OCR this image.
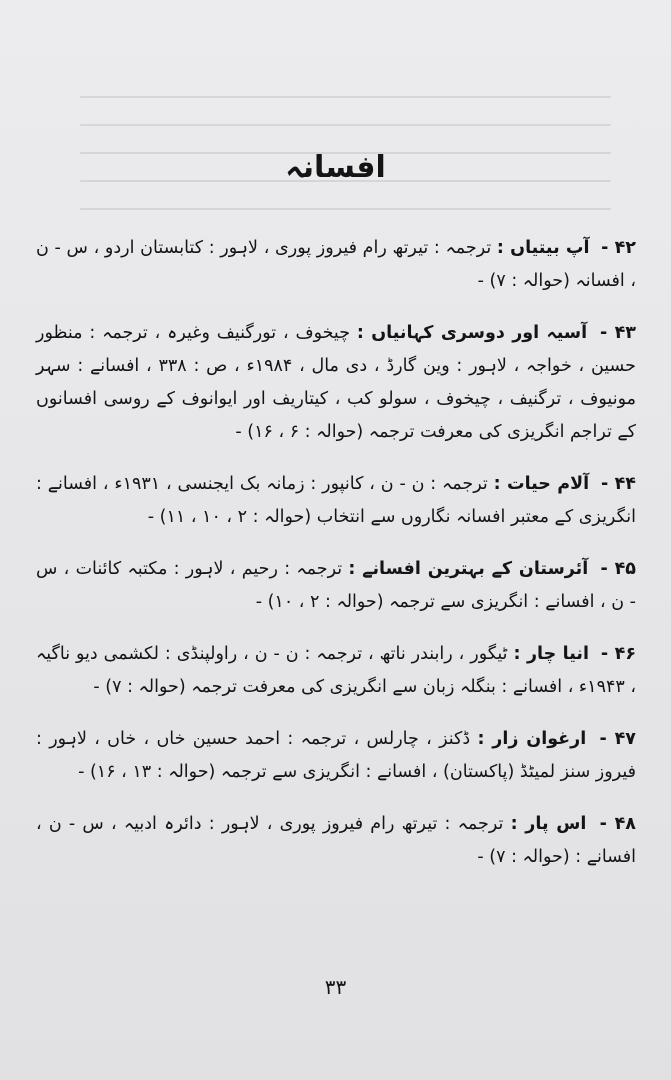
افسانہ
۴۲ - آپ بیتیاں : ترجمہ : تیرتھ رام فیروز پوری ، لاہور : کتابستان اردو ، س - ن ، افسانہ (حوالہ : ۷) -
۴۳ - آسیہ اور دوسری کہانیاں : چیخوف ، تورگنیف وغیرہ ، ترجمہ : منظور حسین ، خواجہ ، لاہور : وین گارڈ ، دی مال ، ۱۹۸۴ء ، ص : ۳۳۸ ، افسانے : سہر مونیوف ، ترگنیف ، چیخوف ، سولو کب ، کیتاریف اور ایوانوف کے روسی افسانوں کے تراجم انگریزی کی معرفت ترجمہ (حوالہ : ۶ ، ۱۶) -
۴۴ - آلام حیات : ترجمہ : ن - ن ، کانپور : زمانہ بک ایجنسی ، ۱۹۳۱ء ، افسانے : انگریزی کے معتبر افسانہ نگاروں سے انتخاب (حوالہ : ۲ ، ۱۰ ، ۱۱) -
۴۵ - آئرستان کے بہترین افسانے : ترجمہ : رحیم ، لاہور : مکتبہ کائنات ، س - ن ، افسانے : انگریزی سے ترجمہ (حوالہ : ۲ ، ۱۰) -
۴۶ - انیا چار : ٹیگور ، رابندر ناتھ ، ترجمہ : ن - ن ، راولپنڈی : لکشمی دیو ناگیہ ، ۱۹۴۳ء ، افسانے : بنگلہ زبان سے انگریزی کی معرفت ترجمہ (حوالہ : ۷) -
۴۷ - ارغوان زار : ڈکنز ، چارلس ، ترجمہ : احمد حسین خاں ، خاں ، لاہور : فیروز سنز لمیٹڈ (پاکستان) ، افسانے : انگریزی سے ترجمہ (حوالہ : ۱۳ ، ۱۶) -
۴۸ - اس پار : ترجمہ : تیرتھ رام فیروز پوری ، لاہور : دائرہ ادبیہ ، س - ن ، افسانے : (حوالہ : ۷) -
۳۳
